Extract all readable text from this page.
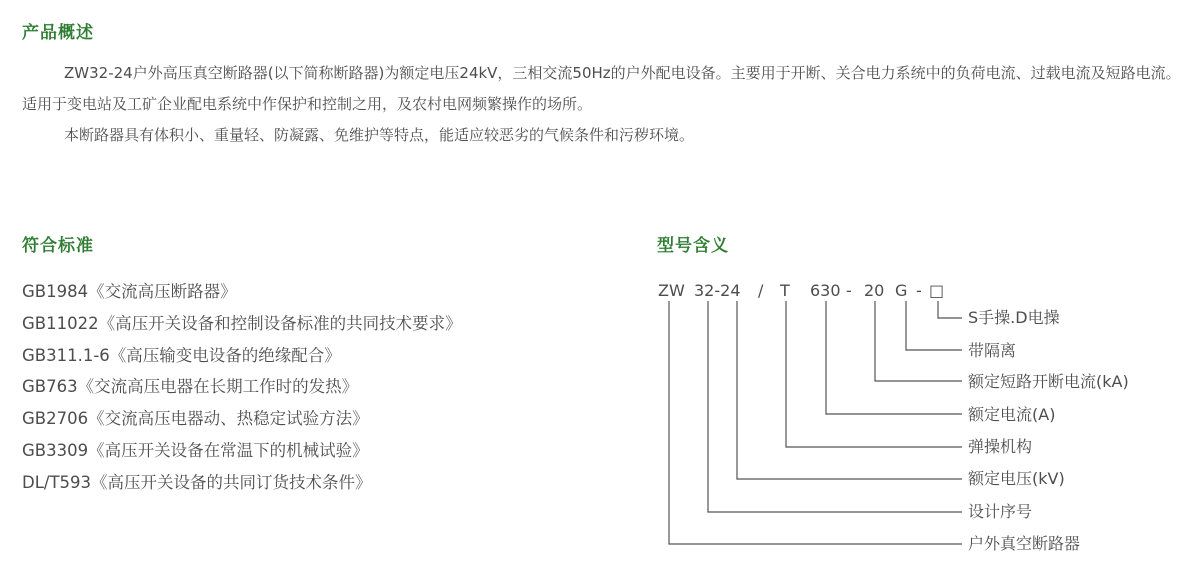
产品概述

ZW32-24户外高压真空断路器(以下简称断路器)为额定电压24kV，三相交流50Hz的户外配电设备。主要用于开断、关合电力系统中的负荷电流、过载电流及短路电流。适用于变电站及工矿企业配电系统中作保护和控制之用，及农村电网频繁操作的场所。

本断路器具有体积小、重量轻、防凝露、免维护等特点，能适应较恶劣的气候条件和污秽环境。

符合标准
GB1984《交流高压断路器》
GB11022《高压开关设备和控制设备标准的共同技术要求》
GB311.1-6《高压输变电设备的绝缘配合》
GB763《交流高压电器在长期工作时的发热》
GB2706《交流高压电器动、热稳定试验方法》
GB3309《高压开关设备在常温下的机械试验》
DL/T593《高压开关设备的共同订货技术条件》
型号含义
ZW 32-24 / T 630 - 20 G - □
S手操.D电操
带隔离
额定短路开断电流(kA)
额定电流(A)
弹操机构
额定电压(kV)
设计序号
户外真空断路器
